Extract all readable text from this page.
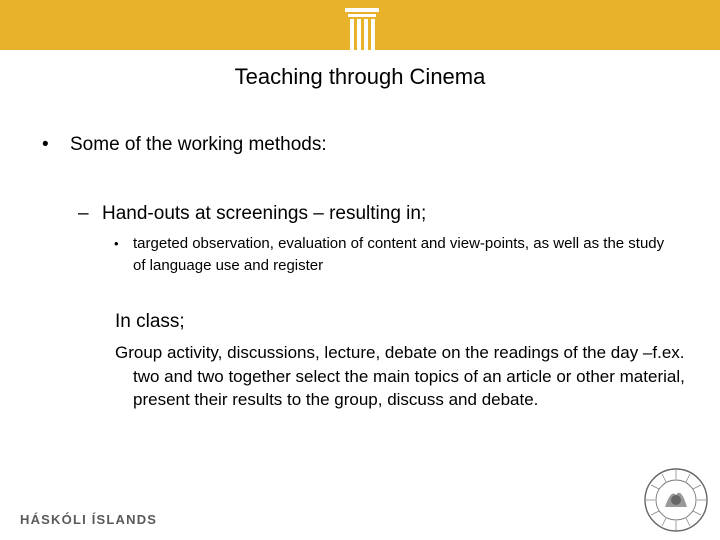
Teaching through Cinema
• Some of the working methods:
– Hand-outs at screenings – resulting in;
• targeted observation, evaluation of content and view-points, as well as the study of language use and register
In class;
Group activity, discussions, lecture, debate on the readings of the day –f.ex. two and two together select the main topics of an article or other material, present their results to the group, discuss and debate.
HÁSKÓLI ÍSLANDS
